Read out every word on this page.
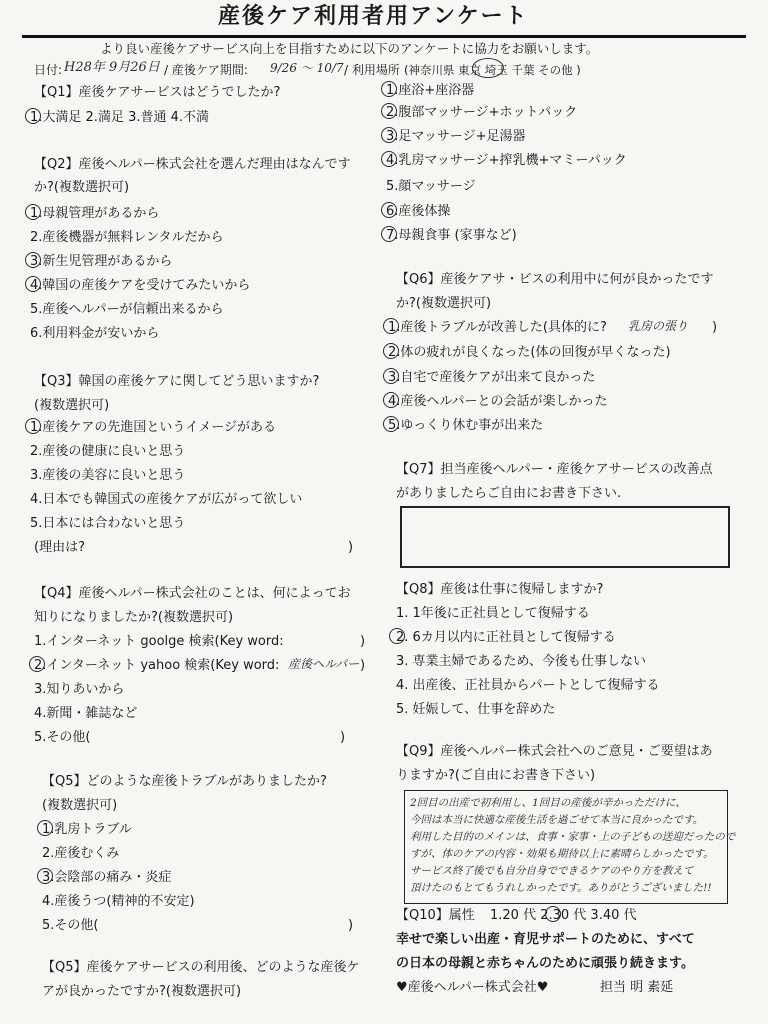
産後ケア利用者用アンケート
より良い産後ケアサービス向上を目指すために以下のアンケートに協力をお願いします。
日付: H28年 9月26日 / 産後ケア期間: 9/26 〜 10/7 / 利用場所 (神奈川県 東京 埼玉 千葉 その他 )
【Q1】産後ケアサービスはどうでしたか?
1.大満足 2.満足 3.普通 4.不満
【Q2】産後ヘルパー株式会社を選んだ理由はなんです
か?(複数選択可)
1.母親管理があるから
2.産後機器が無料レンタルだから
3.新生児管理があるから
4.韓国の産後ケアを受けてみたいから
5.産後ヘルパーが信頼出来るから
6.利用料金が安いから
【Q3】韓国の産後ケアに関してどう思いますか?
(複数選択可)
1.産後ケアの先進国というイメージがある
2.産後の健康に良いと思う
3.産後の美容に良いと思う
4.日本でも韓国式の産後ケアが広がって欲しい
5.日本には合わないと思う
(理由は?	)
【Q4】産後ヘルパー株式会社のことは、何によってお
知りになりましたか?(複数選択可)
1.インターネット goolge 検索(Key word:	)
2.インターネット yahoo 検索(Key word: 産後ヘルパー )
3.知りあいから
4.新聞・雑誌など
5.その他(	)
【Q5】どのような産後トラブルがありましたか?
(複数選択可)
1.乳房トラブル
2.産後むくみ
3.会陰部の痛み・炎症
4.産後うつ(精神的不安定)
5.その他(	)
【Q5】産後ケアサービスの利用後、どのような産後ケ
アが良かったですか?(複数選択可)
1.座浴+座浴器
2.腹部マッサージ+ホットパック
3.足マッサージ+足湯器
4.乳房マッサージ+搾乳機+マミーパック
5.顔マッサージ
6.産後体操
7.母親食事 (家事など)
【Q6】産後ケアサ・ビスの利用中に何が良かったです
か?(複数選択可)
1.産後トラブルが改善した(具体的に? 乳房の張り )
2.体の疲れが良くなった(体の回復が早くなった)
3.自宅で産後ケアが出来て良かった
4.産後ヘルパーとの会話が楽しかった
5.ゆっくり休む事が出来た
【Q7】担当産後ヘルパー・産後ケアサービスの改善点
がありましたらご自由にお書き下さい.
【Q8】産後は仕事に復帰しますか?
1. 1年後に正社員として復帰する
2. 6カ月以内に正社員として復帰する
3. 専業主婦であるため、今後も仕事しない
4. 出産後、正社員からパートとして復帰する
5. 妊娠して、仕事を辞めた
【Q9】産後ヘルパー株式会社へのご意見・ご要望はあ
りますか?(ご自由にお書き下さい)
2回目の出産で初利用し、1回目の産後が辛かっただけに、
今回は本当に快適な産後生活を過ごせて本当に良かったです。
利用した目的のメインは、食事・家事・上の子どもの送迎だったので
すが、体のケアの内容・効果も期待以上に素晴らしかったです。
サービス終了後でも自分自身でできるケアのやり方を教えて
頂けたのもとてもうれしかったです。ありがとうございました!!
【Q10】属性 1.20 代 2.30 代 3.40 代
幸せで楽しい出産・育児サポートのために、すべて
の日本の母親と赤ちゃんのために頑張り続きます。
♥産後ヘルパー株式会社♥	担当 明 素延
